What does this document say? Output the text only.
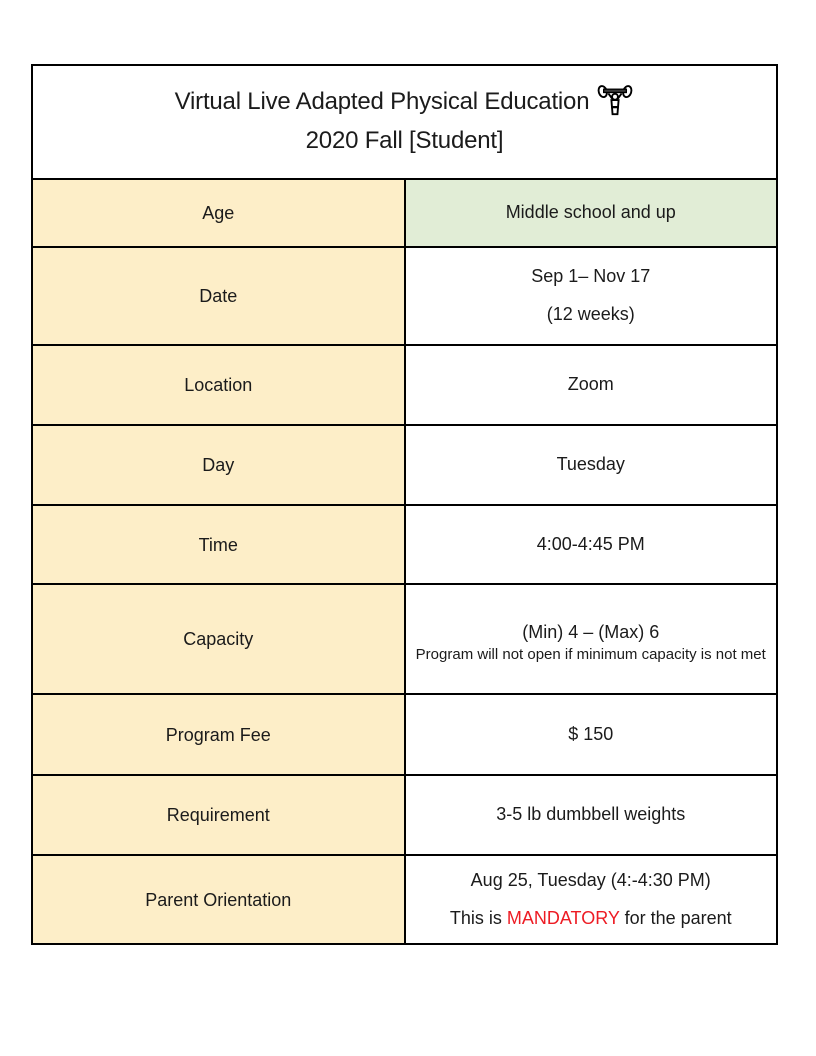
Virtual Live Adapted Physical Education
2020 Fall [Student]	

Age	Middle school and up
Date	Sep 1– Nov 17
(12 weeks)

Location	Zoom
Day	Tuesday
Time	4:00-4:45 PM
Capacity	(Min) 4 – (Max) 6
Program will not open if minimum capacity is not met

Program Fee	$ 150
Requirement	3-5 lb dumbbell weights
Parent Orientation	Aug 25, Tuesday (4:-4:30 PM)
This is MANDATORY for the parent
